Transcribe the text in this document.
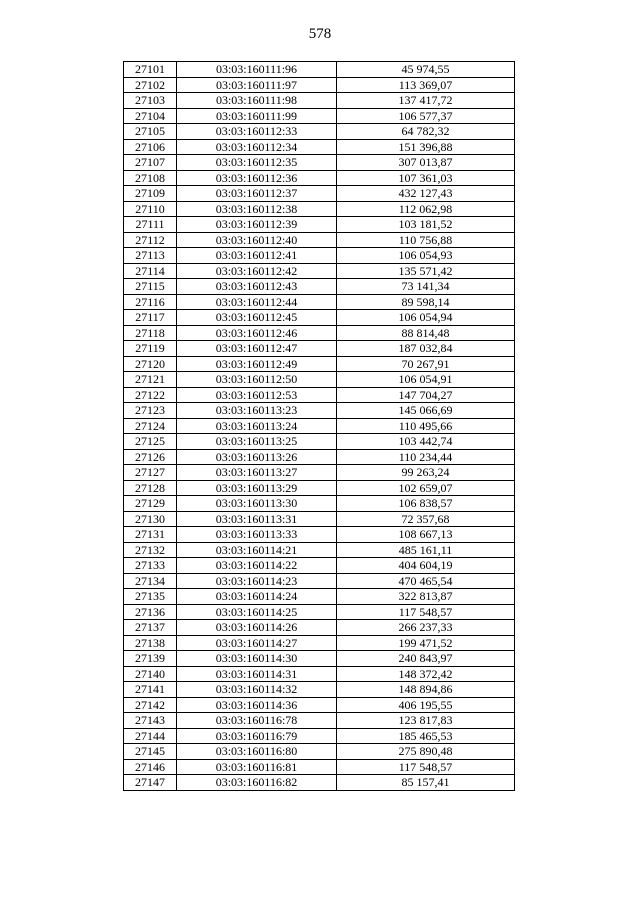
578
27101	03:03:160111:96	45 974,55
27102	03:03:160111:97	113 369,07
27103	03:03:160111:98	137 417,72
27104	03:03:160111:99	106 577,37
27105	03:03:160112:33	64 782,32
27106	03:03:160112:34	151 396,88
27107	03:03:160112:35	307 013,87
27108	03:03:160112:36	107 361,03
27109	03:03:160112:37	432 127,43
27110	03:03:160112:38	112 062,98
27111	03:03:160112:39	103 181,52
27112	03:03:160112:40	110 756,88
27113	03:03:160112:41	106 054,93
27114	03:03:160112:42	135 571,42
27115	03:03:160112:43	73 141,34
27116	03:03:160112:44	89 598,14
27117	03:03:160112:45	106 054,94
27118	03:03:160112:46	88 814,48
27119	03:03:160112:47	187 032,84
27120	03:03:160112:49	70 267,91
27121	03:03:160112:50	106 054,91
27122	03:03:160112:53	147 704,27
27123	03:03:160113:23	145 066,69
27124	03:03:160113:24	110 495,66
27125	03:03:160113:25	103 442,74
27126	03:03:160113:26	110 234,44
27127	03:03:160113:27	99 263,24
27128	03:03:160113:29	102 659,07
27129	03:03:160113:30	106 838,57
27130	03:03:160113:31	72 357,68
27131	03:03:160113:33	108 667,13
27132	03:03:160114:21	485 161,11
27133	03:03:160114:22	404 604,19
27134	03:03:160114:23	470 465,54
27135	03:03:160114:24	322 813,87
27136	03:03:160114:25	117 548,57
27137	03:03:160114:26	266 237,33
27138	03:03:160114:27	199 471,52
27139	03:03:160114:30	240 843,97
27140	03:03:160114:31	148 372,42
27141	03:03:160114:32	148 894,86
27142	03:03:160114:36	406 195,55
27143	03:03:160116:78	123 817,83
27144	03:03:160116:79	185 465,53
27145	03:03:160116:80	275 890,48
27146	03:03:160116:81	117 548,57
27147	03:03:160116:82	85 157,41
